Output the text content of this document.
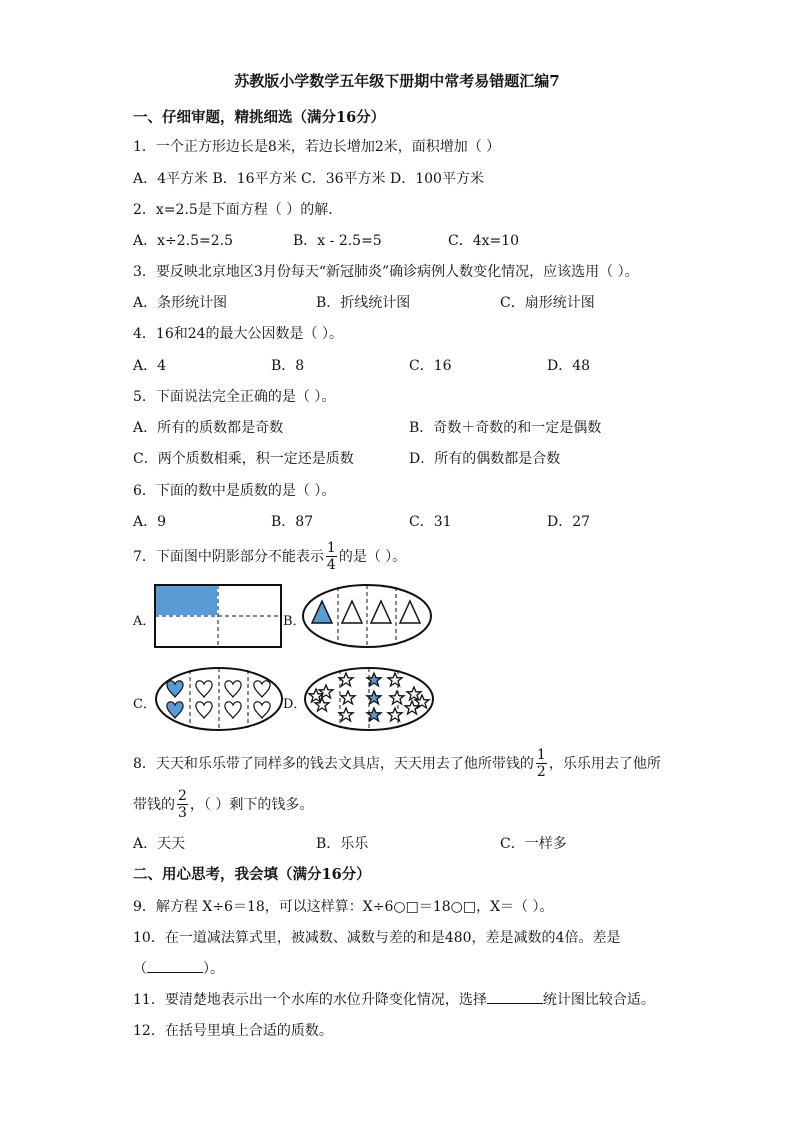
苏教版小学数学五年级下册期中常考易错题汇编7
一、仔细审题，精挑细选（满分16分）
1．一个正方形边长是8米，若边长增加2米，面积增加（ ）
A．4平方米 B．16平方米 C．36平方米 D．100平方米
2．x=2.5是下面方程（ ）的解．
A．x÷2.5=2.5	B．x - 2.5=5	C．4x=10
3．要反映北京地区3月份每天“新冠肺炎”确诊病例人数变化情况，应该选用（ ）。
A．条形统计图	B．折线统计图	C．扇形统计图
4．16和24的最大公因数是（ ）。
A．4	B．8	C．16	D．48
5．下面说法完全正确的是（ ）。
A．所有的质数都是奇数	B．奇数＋奇数的和一定是偶数
C．两个质数相乘，积一定还是质数	D．所有的偶数都是合数
6．下面的数中是质数的是（ ）。
A．9	B．87	C．31	D．27
7．下面图中阴影部分不能表示 $\frac{1}{4}$ 的是（ ）。
A．	B．
C．	D．
8．天天和乐乐带了同样多的钱去文具店，天天用去了他所带钱的 $\frac{1}{2}$ ，乐乐用去了他所
带钱的 $\frac{2}{3}$ ，（ ）剩下的钱多。
A．天天	B．乐乐	C．一样多
二、用心思考，我会填（满分16分）
9．解方程 X÷6＝18，可以这样算：X÷6○□＝18○□，X＝（ ）。
10．在一道减法算式里，被减数、减数与差的和是480，差是减数的4倍。差是
（	）。
11．要清楚地表示出一个水库的水位升降变化情况，选择	统计图比较合适。
12．在括号里填上合适的质数。
